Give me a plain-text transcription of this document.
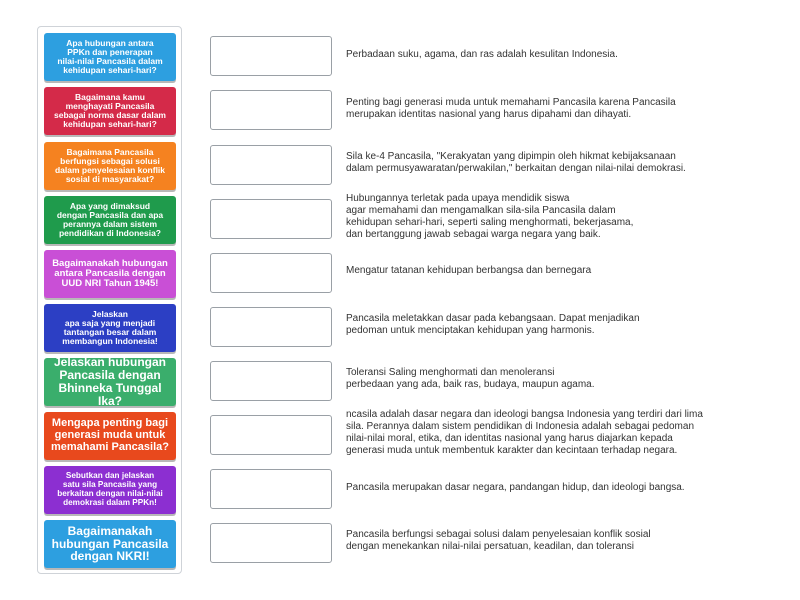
Apa hubungan antara
PPKn dan penerapan
nilai-nilai Pancasila dalam
kehidupan sehari-hari?
Bagaimana kamu
menghayati Pancasila
sebagai norma dasar dalam
kehidupan sehari-hari?
Bagaimana Pancasila
berfungsi sebagai solusi
dalam penyelesaian konflik
sosial di masyarakat?
Apa yang dimaksud
dengan Pancasila dan apa
perannya dalam sistem
pendidikan di Indonesia?
Bagaimanakah hubungan
antara Pancasila dengan
UUD NRI Tahun 1945!
Jelaskan
apa saja yang menjadi
tantangan besar dalam
membangun Indonesia!
Jelaskan hubungan
Pancasila dengan
Bhinneka Tunggal Ika?
Mengapa penting bagi
generasi muda untuk
memahami Pancasila?
Sebutkan dan jelaskan
satu sila Pancasila yang
berkaitan dengan nilai-nilai
demokrasi dalam PPKn!
Bagaimanakah
hubungan Pancasila
dengan NKRI!
Perbadaan suku, agama, dan ras adalah kesulitan Indonesia.
Penting bagi generasi muda untuk memahami Pancasila karena Pancasila
merupakan identitas nasional yang harus dipahami dan dihayati.
Sila ke-4 Pancasila, "Kerakyatan yang dipimpin oleh hikmat kebijaksanaan
dalam permusyawaratan/perwakilan," berkaitan dengan nilai-nilai demokrasi.
Hubungannya terletak pada upaya mendidik siswa
agar memahami dan mengamalkan sila-sila Pancasila dalam
kehidupan sehari-hari, seperti saling menghormati, bekerjasama,
dan bertanggung jawab sebagai warga negara yang baik.
Mengatur tatanan kehidupan berbangsa dan bernegara
Pancasila meletakkan dasar pada kebangsaan. Dapat menjadikan
pedoman untuk menciptakan kehidupan yang harmonis.
Toleransi Saling menghormati dan menoleransi
perbedaan yang ada, baik ras, budaya, maupun agama.
ncasila adalah dasar negara dan ideologi bangsa Indonesia yang terdiri dari lima
sila. Perannya dalam sistem pendidikan di Indonesia adalah sebagai pedoman
nilai-nilai moral, etika, dan identitas nasional yang harus diajarkan kepada
generasi muda untuk membentuk karakter dan kecintaan terhadap negara.
Pancasila merupakan dasar negara, pandangan hidup, dan ideologi bangsa.
Pancasila berfungsi sebagai solusi dalam penyelesaian konflik sosial
dengan menekankan nilai-nilai persatuan, keadilan, dan toleransi
